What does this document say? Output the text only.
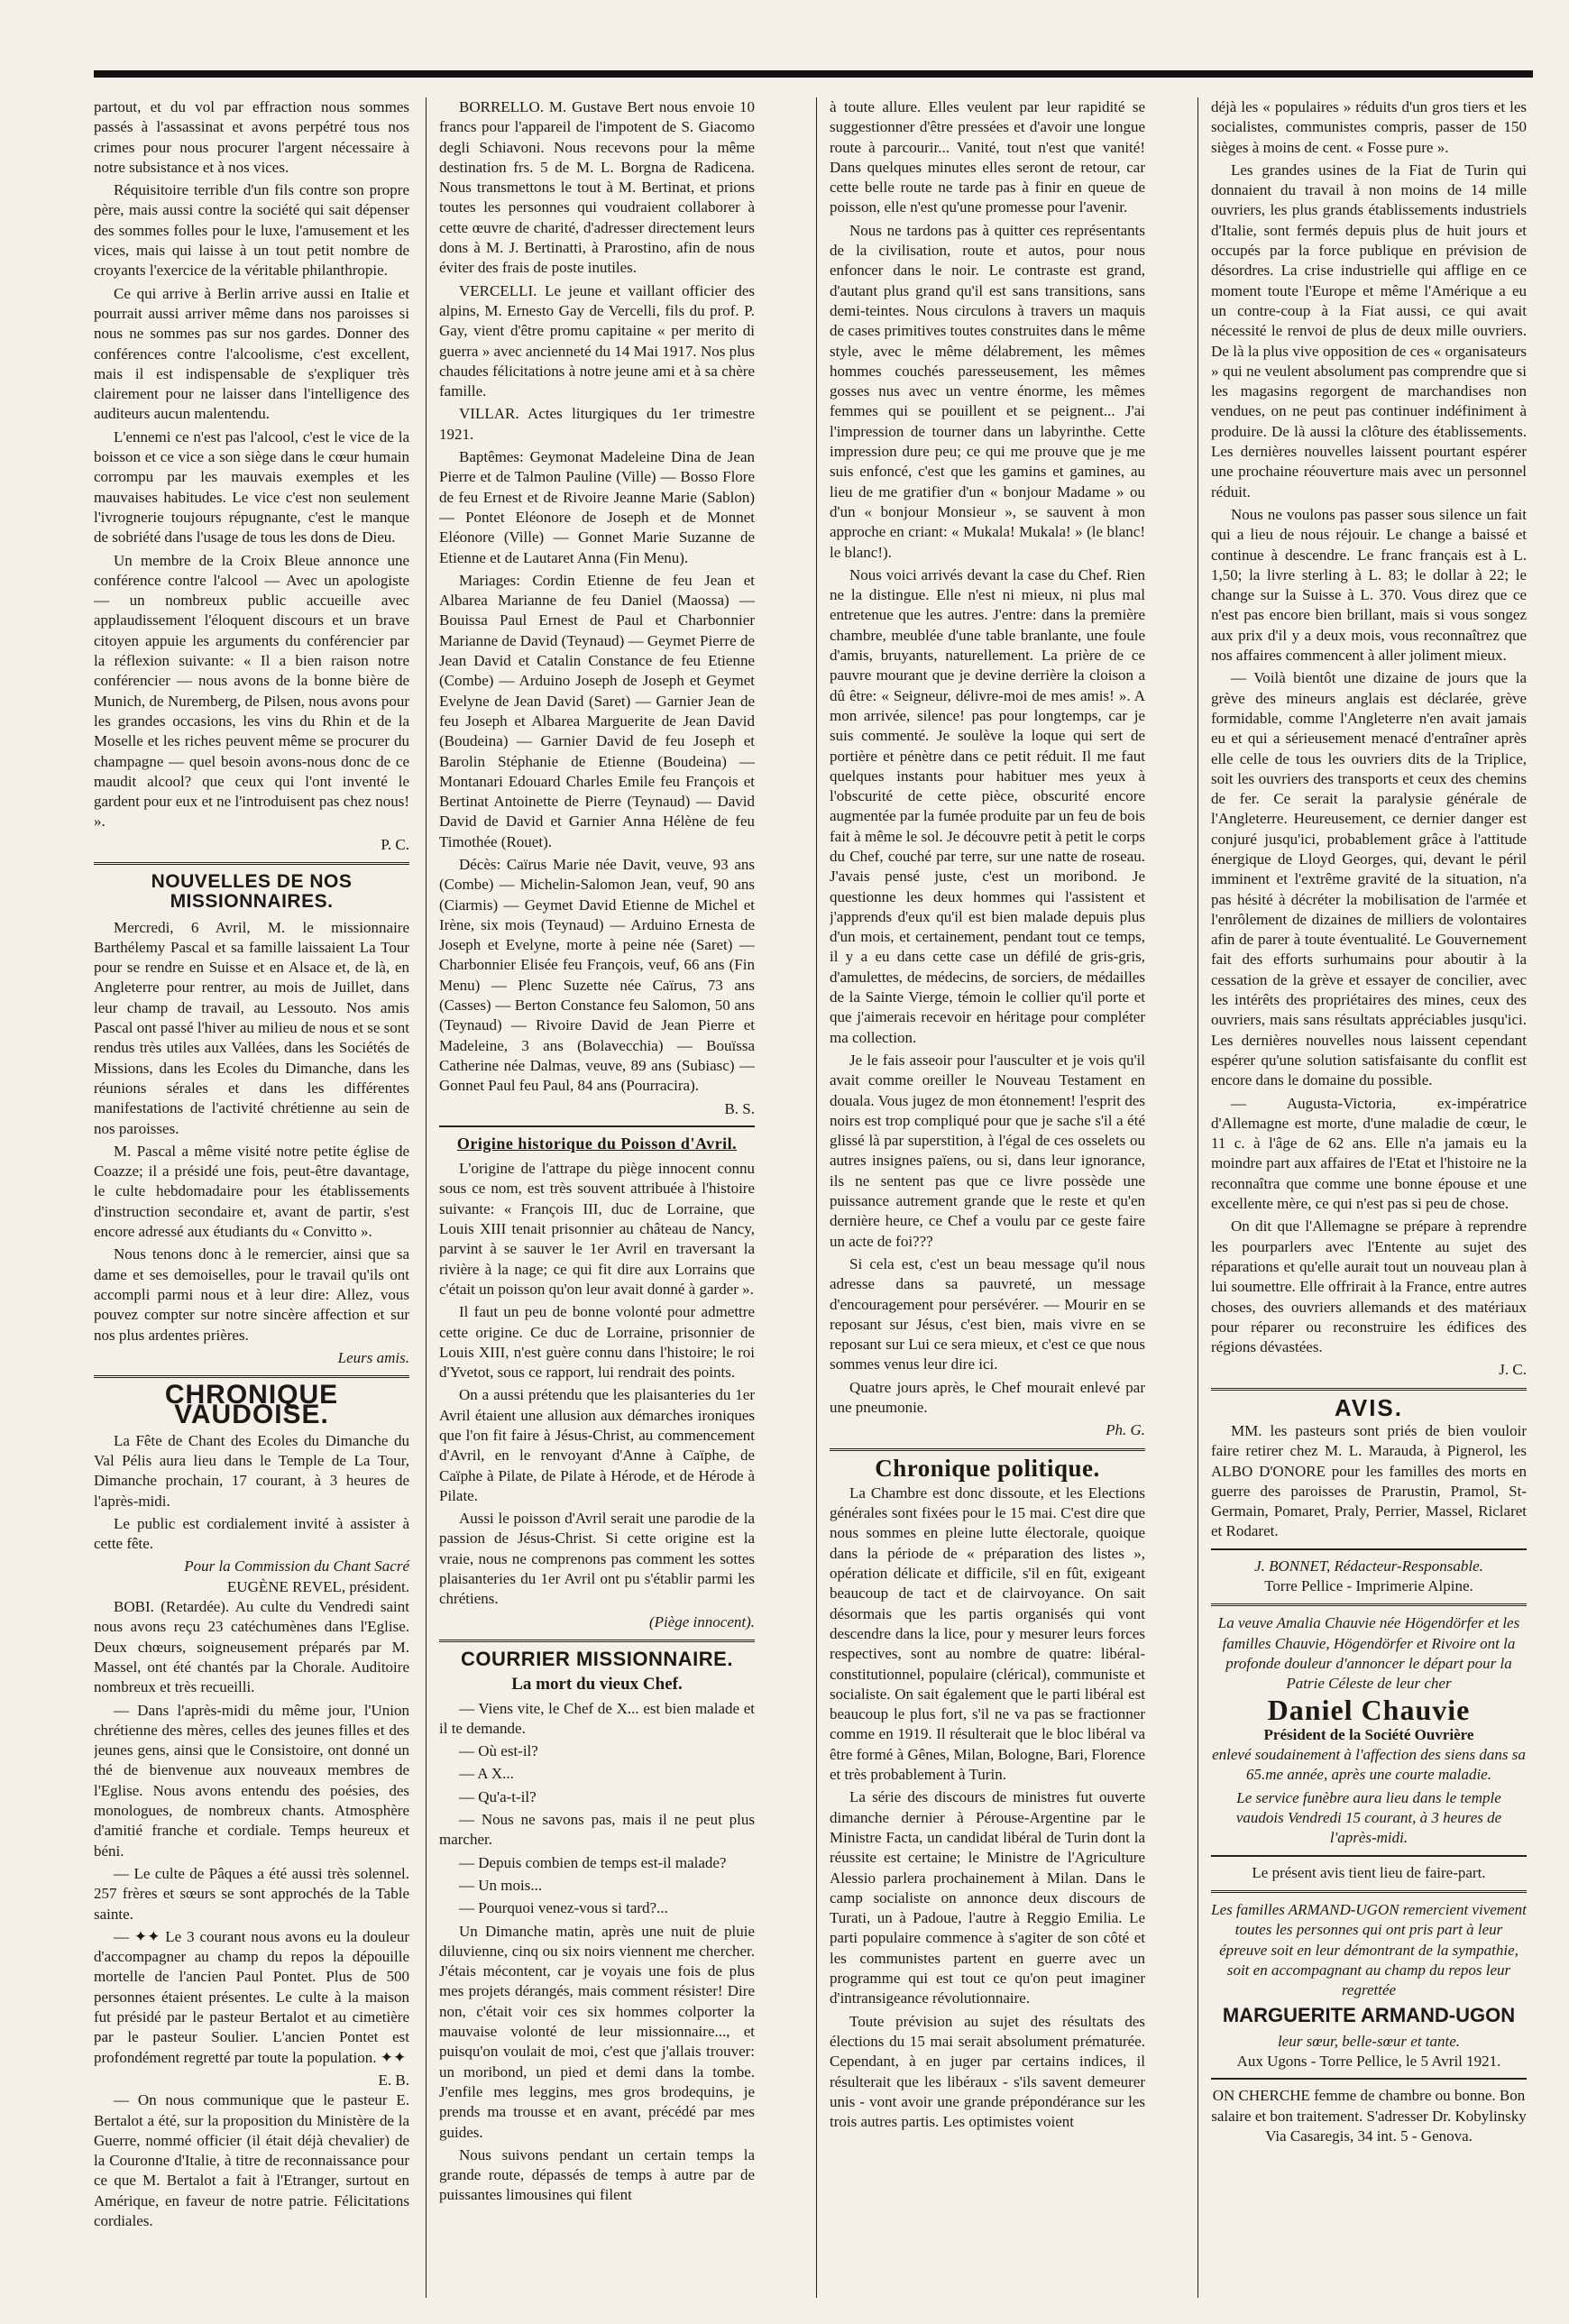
partout, et du vol par effraction nous sommes passés à l'assassinat et avons perpétré tous nos crimes pour nous procurer l'argent nécessaire à notre subsistance et à nos vices.

Réquisitoire terrible d'un fils contre son propre père, mais aussi contre la société qui sait dépenser des sommes folles pour le luxe, l'amusement et les vices, mais qui laisse à un tout petit nombre de croyants l'exercice de la véritable philanthropie.

Ce qui arrive à Berlin arrive aussi en Italie et pourrait aussi arriver même dans nos paroisses si nous ne sommes pas sur nos gardes. Donner des conférences contre l'alcoolisme, c'est excellent, mais il est indispensable de s'expliquer très clairement pour ne laisser dans l'intelligence des auditeurs aucun malentendu.

L'ennemi ce n'est pas l'alcool, c'est le vice de la boisson et ce vice a son siège dans le cœur humain corrompu par les mauvais exemples et les mauvaises habitudes. Le vice c'est non seulement l'ivrognerie toujours répugnante, c'est le manque de sobriété dans l'usage de tous les dons de Dieu.

Un membre de la Croix Bleue annonce une conférence contre l'alcool — Avec un apologiste — un nombreux public accueille avec applaudissement l'éloquent discours et un brave citoyen appuie les arguments du conférencier par la réflexion suivante: « Il a bien raison notre conférencier — nous avons de la bonne bière de Munich, de Nuremberg, de Pilsen, nous avons pour les grandes occasions, les vins du Rhin et de la Moselle et les riches peuvent même se procurer du champagne — quel besoin avons-nous donc de ce maudit alcool? que ceux qui l'ont inventé le gardent pour eux et ne l'introduisent pas chez nous! ».

P. C.
NOUVELLES DE NOS MISSIONNAIRES.

Mercredi, 6 Avril, M. le missionnaire Barthélemy Pascal et sa famille laissaient La Tour pour se rendre en Suisse et en Alsace et, de là, en Angleterre pour rentrer, au mois de Juillet, dans leur champ de travail, au Lessouto. Nos amis Pascal ont passé l'hiver au milieu de nous et se sont rendus très utiles aux Vallées, dans les Sociétés de Missions, dans les Ecoles du Dimanche, dans les réunions sérales et dans les différentes manifestations de l'activité chrétienne au sein de nos paroisses.

M. Pascal a même visité notre petite église de Coazze; il a présidé une fois, peut-être davantage, le culte hebdomadaire pour les établissements d'instruction secondaire et, avant de partir, s'est encore adressé aux étudiants du « Convitto ».

Nous tenons donc à le remercier, ainsi que sa dame et ses demoiselles, pour le travail qu'ils ont accompli parmi nous et à leur dire: Allez, vous pouvez compter sur notre sincère affection et sur nos plus ardentes prières.

Leurs amis.
CHRONIQUE VAUDOISE.

La Fête de Chant des Ecoles du Dimanche du Val Pélis aura lieu dans le Temple de La Tour, Dimanche prochain, 17 courant, à 3 heures de l'après-midi.

Le public est cordialement invité à assister à cette fête.

Pour la Commission du Chant Sacré
EUGÈNE REVEL, président.

BOBI. (Retardée). Au culte du Vendredi saint nous avons reçu 23 catéchumènes dans l'Eglise. Deux chœurs, soigneusement préparés par M. Massel, ont été chantés par la Chorale. Auditoire nombreux et très recueilli.

— Dans l'après-midi du même jour, l'Union chrétienne des mères, celles des jeunes filles et des jeunes gens, ainsi que le Consistoire, ont donné un thé de bienvenue aux nouveaux membres de l'Eglise. Nous avons entendu des poésies, des monologues, de nombreux chants. Atmosphère d'amitié franche et cordiale. Temps heureux et béni.

— Le culte de Pâques a été aussi très solennel. 257 frères et sœurs se sont approchés de la Table sainte.

— ✦✦ Le 3 courant nous avons eu la douleur d'accompagner au champ du repos la dépouille mortelle de l'ancien Paul Pontet. Plus de 500 personnes étaient présentes. Le culte à la maison fut présidé par le pasteur Bertalot et au cimetière par le pasteur Soulier. L'ancien Pontet est profondément regretté par toute la population. ✦✦

E. B.

— On nous communique que le pasteur E. Bertalot a été, sur la proposition du Ministère de la Guerre, nommé officier (il était déjà chevalier) de la Couronne d'Italie, à titre de reconnaissance pour ce que M. Bertalot a fait à l'Etranger, surtout en Amérique, en faveur de notre patrie. Félicitations cordiales.

BORRELLO. M. Gustave Bert nous envoie 10 francs pour l'appareil de l'impotent de S. Giacomo degli Schiavoni. Nous recevons pour la même destination frs. 5 de M. L. Borgna de Radicena. Nous transmettons le tout à M. Bertinat, et prions toutes les personnes qui voudraient collaborer à cette œuvre de charité, d'adresser directement leurs dons à M. J. Bertinatti, à Prarostino, afin de nous éviter des frais de poste inutiles.

VERCELLI. Le jeune et vaillant officier des alpins, M. Ernesto Gay de Vercelli, fils du prof. P. Gay, vient d'être promu capitaine « per merito di guerra » avec ancienneté du 14 Mai 1917. Nos plus chaudes félicitations à notre jeune ami et à sa chère famille.

VILLAR. Actes liturgiques du 1er trimestre 1921.

Baptêmes: Geymonat Madeleine Dina de Jean Pierre et de Talmon Pauline (Ville) — Bosso Flore de feu Ernest et de Rivoire Jeanne Marie (Sablon) — Pontet Eléonore de Joseph et de Monnet Eléonore (Ville) — Gonnet Marie Suzanne de Etienne et de Lautaret Anna (Fin Menu).

Mariages: Cordin Etienne de feu Jean et Albarea Marianne de feu Daniel (Maossa) — Bouissa Paul Ernest de Paul et Charbonnier Marianne de David (Teynaud) — Geymet Pierre de Jean David et Catalin Constance de feu Etienne (Combe) — Arduino Joseph de Joseph et Geymet Evelyne de Jean David (Saret) — Garnier Jean de feu Joseph et Albarea Marguerite de Jean David (Boudeina) — Garnier David de feu Joseph et Barolin Stéphanie de Etienne (Boudeina) — Montanari Edouard Charles Emile feu François et Bertinat Antoinette de Pierre (Teynaud) — David David de David et Garnier Anna Hélène de feu Timothée (Rouet).

Décès: Caïrus Marie née Davit, veuve, 93 ans (Combe) — Michelin-Salomon Jean, veuf, 90 ans (Ciarmis) — Geymet David Etienne de Michel et Irène, six mois (Teynaud) — Arduino Ernesta de Joseph et Evelyne, morte à peine née (Saret) — Charbonnier Elisée feu François, veuf, 66 ans (Fin Menu) — Plenc Suzette née Caïrus, 73 ans (Casses) — Berton Constance feu Salomon, 50 ans (Teynaud) — Rivoire David de Jean Pierre et Madeleine, 3 ans (Bolavecchia) — Bouïssa Catherine née Dalmas, veuve, 89 ans (Subiasc) — Gonnet Paul feu Paul, 84 ans (Pourracira).

B. S.
Origine historique du Poisson d'Avril.

L'origine de l'attrape du piège innocent connu sous ce nom, est très souvent attribuée à l'histoire suivante: « François III, duc de Lorraine, que Louis XIII tenait prisonnier au château de Nancy, parvint à se sauver le 1er Avril en traversant la rivière à la nage; ce qui fit dire aux Lorrains que c'était un poisson qu'on leur avait donné à garder ».

Il faut un peu de bonne volonté pour admettre cette origine. Ce duc de Lorraine, prisonnier de Louis XIII, n'est guère connu dans l'histoire; le roi d'Yvetot, sous ce rapport, lui rendrait des points.

On a aussi prétendu que les plaisanteries du 1er Avril étaient une allusion aux démarches ironiques que l'on fit faire à Jésus-Christ, au commencement d'Avril, en le renvoyant d'Anne à Caïphe, de Caïphe à Pilate, de Pilate à Hérode, et de Hérode à Pilate.

Aussi le poisson d'Avril serait une parodie de la passion de Jésus-Christ. Si cette origine est la vraie, nous ne comprenons pas comment les sottes plaisanteries du 1er Avril ont pu s'établir parmi les chrétiens.

(Piège innocent).
COURRIER MISSIONNAIRE.
La mort du vieux Chef.

— Viens vite, le Chef de X... est bien malade et il te demande.

— Où est-il?

— A X...

— Qu'a-t-il?

— Nous ne savons pas, mais il ne peut plus marcher.

— Depuis combien de temps est-il malade?

— Un mois...

— Pourquoi venez-vous si tard?...

Un Dimanche matin, après une nuit de pluie diluvienne, cinq ou six noirs viennent me chercher. J'étais mécontent, car je voyais une fois de plus mes projets dérangés, mais comment résister! Dire non, c'était voir ces six hommes colporter la mauvaise volonté de leur missionnaire..., et puisqu'on voulait de moi, c'est que j'allais trouver: un moribond, un pied et demi dans la tombe. J'enfile mes leggins, mes gros brodequins, je prends ma trousse et en avant, précédé par mes guides.

Nous suivons pendant un certain temps la grande route, dépassés de temps à autre par de puissantes limousines qui filent

à toute allure. Elles veulent par leur rapidité se suggestionner d'être pressées et d'avoir une longue route à parcourir... Vanité, tout n'est que vanité! Dans quelques minutes elles seront de retour, car cette belle route ne tarde pas à finir en queue de poisson, elle n'est qu'une promesse pour l'avenir.

Nous ne tardons pas à quitter ces représentants de la civilisation, route et autos, pour nous enfoncer dans le noir. Le contraste est grand, d'autant plus grand qu'il est sans transitions, sans demi-teintes. Nous circulons à travers un maquis de cases primitives toutes construites dans le même style, avec le même délabrement, les mêmes hommes couchés paresseusement, les mêmes gosses nus avec un ventre énorme, les mêmes femmes qui se pouillent et se peignent... J'ai l'impression de tourner dans un labyrinthe. Cette impression dure peu; ce qui me prouve que je me suis enfoncé, c'est que les gamins et gamines, au lieu de me gratifier d'un « bonjour Madame » ou d'un « bonjour Monsieur », se sauvent à mon approche en criant: « Mukala! Mukala! » (le blanc! le blanc!).

Nous voici arrivés devant la case du Chef. Rien ne la distingue. Elle n'est ni mieux, ni plus mal entretenue que les autres. J'entre: dans la première chambre, meublée d'une table branlante, une foule d'amis, bruyants, naturellement. La prière de ce pauvre mourant que je devine derrière la cloison a dû être: « Seigneur, délivre-moi de mes amis! ». A mon arrivée, silence! pas pour longtemps, car je suis commenté. Je soulève la loque qui sert de portière et pénètre dans ce petit réduit. Il me faut quelques instants pour habituer mes yeux à l'obscurité de cette pièce, obscurité encore augmentée par la fumée produite par un feu de bois fait à même le sol. Je découvre petit à petit le corps du Chef, couché par terre, sur une natte de roseau. J'avais pensé juste, c'est un moribond. Je questionne les deux hommes qui l'assistent et j'apprends d'eux qu'il est bien malade depuis plus d'un mois, et certainement, pendant tout ce temps, il y a eu dans cette case un défilé de gris-gris, d'amulettes, de médecins, de sorciers, de médailles de la Sainte Vierge, témoin le collier qu'il porte et que j'aimerais recevoir en héritage pour compléter ma collection.

Je le fais asseoir pour l'ausculter et je vois qu'il avait comme oreiller le Nouveau Testament en douala. Vous jugez de mon étonnement! l'esprit des noirs est trop compliqué pour que je sache s'il a été glissé là par superstition, à l'égal de ces osselets ou autres insignes païens, ou si, dans leur ignorance, ils ne sentent pas que ce livre possède une puissance autrement grande que le reste et qu'en dernière heure, ce Chef a voulu par ce geste faire un acte de foi???

Si cela est, c'est un beau message qu'il nous adresse dans sa pauvreté, un message d'encouragement pour persévérer. — Mourir en se reposant sur Jésus, c'est bien, mais vivre en se reposant sur Lui ce sera mieux, et c'est ce que nous sommes venus leur dire ici.

Quatre jours après, le Chef mourait enlevé par une pneumonie.

Ph. G.
Chronique politique.

La Chambre est donc dissoute, et les Elections générales sont fixées pour le 15 mai. C'est dire que nous sommes en pleine lutte électorale, quoique dans la période de « préparation des listes », opération délicate et difficile, s'il en fût, exigeant beaucoup de tact et de clairvoyance. On sait désormais que les partis organisés qui vont descendre dans la lice, pour y mesurer leurs forces respectives, sont au nombre de quatre: libéral-constitutionnel, populaire (clérical), communiste et socialiste. On sait également que le parti libéral est beaucoup le plus fort, s'il ne va pas se fractionner comme en 1919. Il résulterait que le bloc libéral va être formé à Gênes, Milan, Bologne, Bari, Florence et très probablement à Turin.

La série des discours de ministres fut ouverte dimanche dernier à Pérouse-Argentine par le Ministre Facta, un candidat libéral de Turin dont la réussite est certaine; le Ministre de l'Agriculture Alessio parlera prochainement à Milan. Dans le camp socialiste on annonce deux discours de Turati, un à Padoue, l'autre à Reggio Emilia. Le parti populaire commence à s'agiter de son côté et les communistes partent en guerre avec un programme qui est tout ce qu'on peut imaginer d'intransigeance révolutionnaire.

Toute prévision au sujet des résultats des élections du 15 mai serait absolument prématurée. Cependant, à en juger par certains indices, il résulterait que les libéraux - s'ils savent demeurer unis - vont avoir une grande prépondérance sur les trois autres partis. Les optimistes voient

déjà les « populaires » réduits d'un gros tiers et les socialistes, communistes compris, passer de 150 sièges à moins de cent. « Fosse pure ».

Les grandes usines de la Fiat de Turin qui donnaient du travail à non moins de 14 mille ouvriers, les plus grands établissements industriels d'Italie, sont fermés depuis plus de huit jours et occupés par la force publique en prévision de désordres. La crise industrielle qui afflige en ce moment toute l'Europe et même l'Amérique a eu un contre-coup à la Fiat aussi, ce qui avait nécessité le renvoi de plus de deux mille ouvriers. De là la plus vive opposition de ces « organisateurs » qui ne veulent absolument pas comprendre que si les magasins regorgent de marchandises non vendues, on ne peut pas continuer indéfiniment à produire. De là aussi la clôture des établissements. Les dernières nouvelles laissent pourtant espérer une prochaine réouverture mais avec un personnel réduit.

Nous ne voulons pas passer sous silence un fait qui a lieu de nous réjouir. Le change a baissé et continue à descendre. Le franc français est à L. 1,50; la livre sterling à L. 83; le dollar à 22; le change sur la Suisse à L. 370. Vous direz que ce n'est pas encore bien brillant, mais si vous songez aux prix d'il y a deux mois, vous reconnaîtrez que nos affaires commencent à aller joliment mieux.

— Voilà bientôt une dizaine de jours que la grève des mineurs anglais est déclarée, grève formidable, comme l'Angleterre n'en avait jamais eu et qui a sérieusement menacé d'entraîner après elle celle de tous les ouvriers dits de la Triplice, soit les ouvriers des transports et ceux des chemins de fer. Ce serait la paralysie générale de l'Angleterre. Heureusement, ce dernier danger est conjuré jusqu'ici, probablement grâce à l'attitude énergique de Lloyd Georges, qui, devant le péril imminent et l'extrême gravité de la situation, n'a pas hésité à décréter la mobilisation de l'armée et l'enrôlement de dizaines de milliers de volontaires afin de parer à toute éventualité. Le Gouvernement fait des efforts surhumains pour aboutir à la cessation de la grève et essayer de concilier, avec les intérêts des propriétaires des mines, ceux des ouvriers, mais sans résultats appréciables jusqu'ici. Les dernières nouvelles nous laissent cependant espérer qu'une solution satisfaisante du conflit est encore dans le domaine du possible.

— Augusta-Victoria, ex-impératrice d'Allemagne est morte, d'une maladie de cœur, le 11 c. à l'âge de 62 ans. Elle n'a jamais eu la moindre part aux affaires de l'Etat et l'histoire ne la reconnaîtra que comme une bonne épouse et une excellente mère, ce qui n'est pas si peu de chose.

On dit que l'Allemagne se prépare à reprendre les pourparlers avec l'Entente au sujet des réparations et qu'elle aurait tout un nouveau plan à lui soumettre. Elle offrirait à la France, entre autres choses, des ouvriers allemands et des matériaux pour réparer ou reconstruire les édifices des régions dévastées.

J. C.
AVIS.

MM. les pasteurs sont priés de bien vouloir faire retirer chez M. L. Marauda, à Pignerol, les ALBO D'ONORE pour les familles des morts en guerre des paroisses de Prarustin, Pramol, St-Germain, Pomaret, Praly, Perrier, Massel, Riclaret et Rodaret.

J. BONNET, Rédacteur-Responsable.
Torre Pellice - Imprimerie Alpine.

La veuve Amalia Chauvie née Högendörfer et les familles Chauvie, Högendörfer et Rivoire ont la profonde douleur d'annoncer le départ pour la Patrie Céleste de leur cher

Daniel Chauvie
Président de la Société Ouvrière

enlevé soudainement à l'affection des siens dans sa 65.me année, après une courte maladie.

Le service funèbre aura lieu dans le temple vaudois Vendredi 15 courant, à 3 heures de l'après-midi.

Le présent avis tient lieu de faire-part.

Les familles ARMAND-UGON remercient vivement toutes les personnes qui ont pris part à leur épreuve soit en leur démontrant de la sympathie, soit en accompagnant au champ du repos leur regrettée

MARGUERITE ARMAND-UGON
leur sœur, belle-sœur et tante.
Aux Ugons - Torre Pellice, le 5 Avril 1921.

ON CHERCHE femme de chambre ou bonne. Bon salaire et bon traitement. S'adresser Dr. Kobylinsky Via Casaregis, 34 int. 5 - Genova.
